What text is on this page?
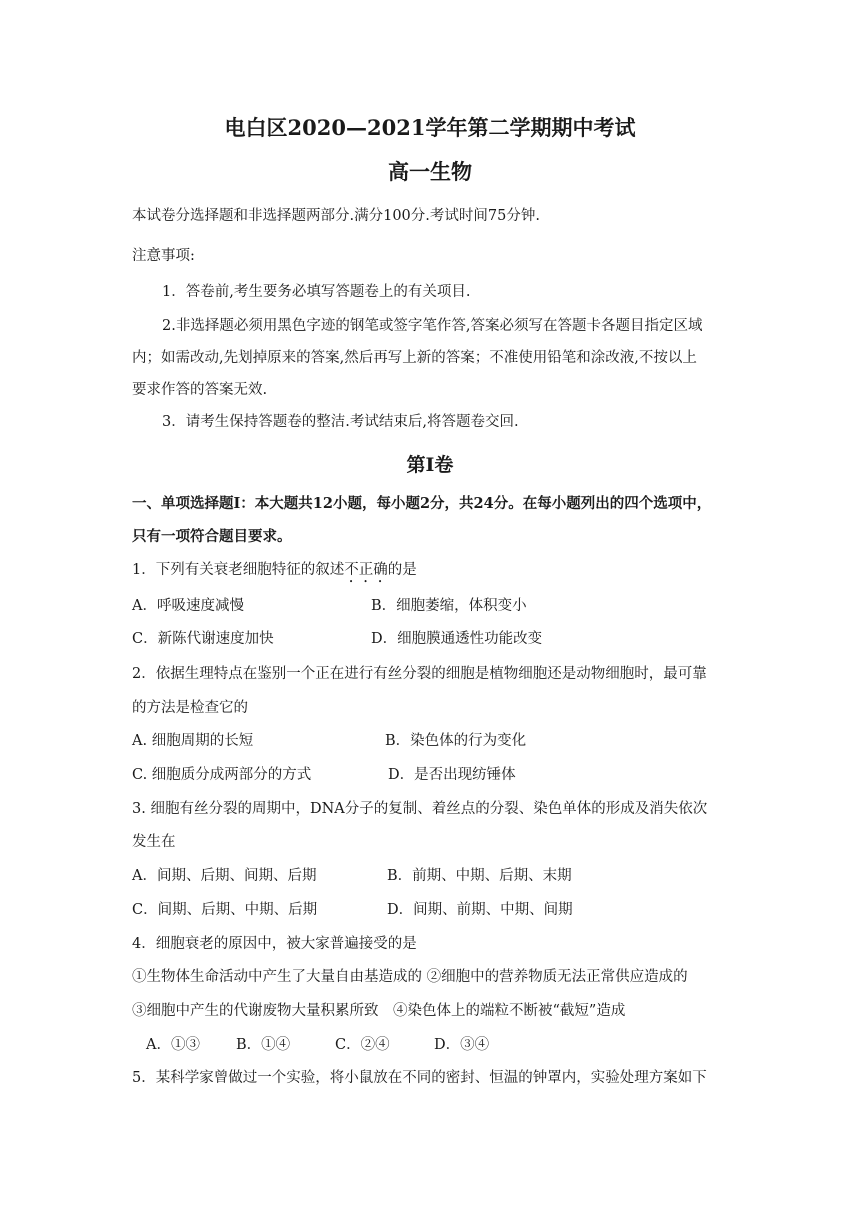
电白区2020—2021学年第二学期期中考试
高一生物
本试卷分选择题和非选择题两部分.满分100分.考试时间75分钟.
注意事项:
1．答卷前,考生要务必填写答题卷上的有关项目.
2.非选择题必须用黑色字迹的钢笔或签字笔作答,答案必须写在答题卡各题目指定区域
内；如需改动,先划掉原来的答案,然后再写上新的答案；不准使用铅笔和涂改液,不按以上
要求作答的答案无效.
3．请考生保持答题卷的整洁.考试结束后,将答题卷交回.
第Ⅰ卷
一、单项选择题Ⅰ：本大题共12小题，每小题2分，共24分。在每小题列出的四个选项中，
只有一项符合题目要求。
1．下列有关衰老细胞特征的叙述不正确的是
A．呼吸速度减慢	B．细胞萎缩，体积变小
C．新陈代谢速度加快	D．细胞膜通透性功能改变
2．依据生理特点在鉴别一个正在进行有丝分裂的细胞是植物细胞还是动物细胞时，最可靠
的方法是检查它的
A. 细胞周期的长短	B．染色体的行为变化
C. 细胞质分成两部分的方式	D．是否出现纺锤体
3. 细胞有丝分裂的周期中，DNA分子的复制、着丝点的分裂、染色单体的形成及消失依次
发生在
A．间期、后期、间期、后期	B．前期、中期、后期、末期
C．间期、后期、中期、后期	D．间期、前期、中期、间期
4．细胞衰老的原因中，被大家普遍接受的是
①生物体生命活动中产生了大量自由基造成的 ②细胞中的营养物质无法正常供应造成的
③细胞中产生的代谢废物大量积累所致　④染色体上的端粒不断被“截短”造成
A．①③ B．①④	C．②④	D．③④
5．某科学家曾做过一个实验，将小鼠放在不同的密封、恒温的钟罩内，实验处理方案如下
